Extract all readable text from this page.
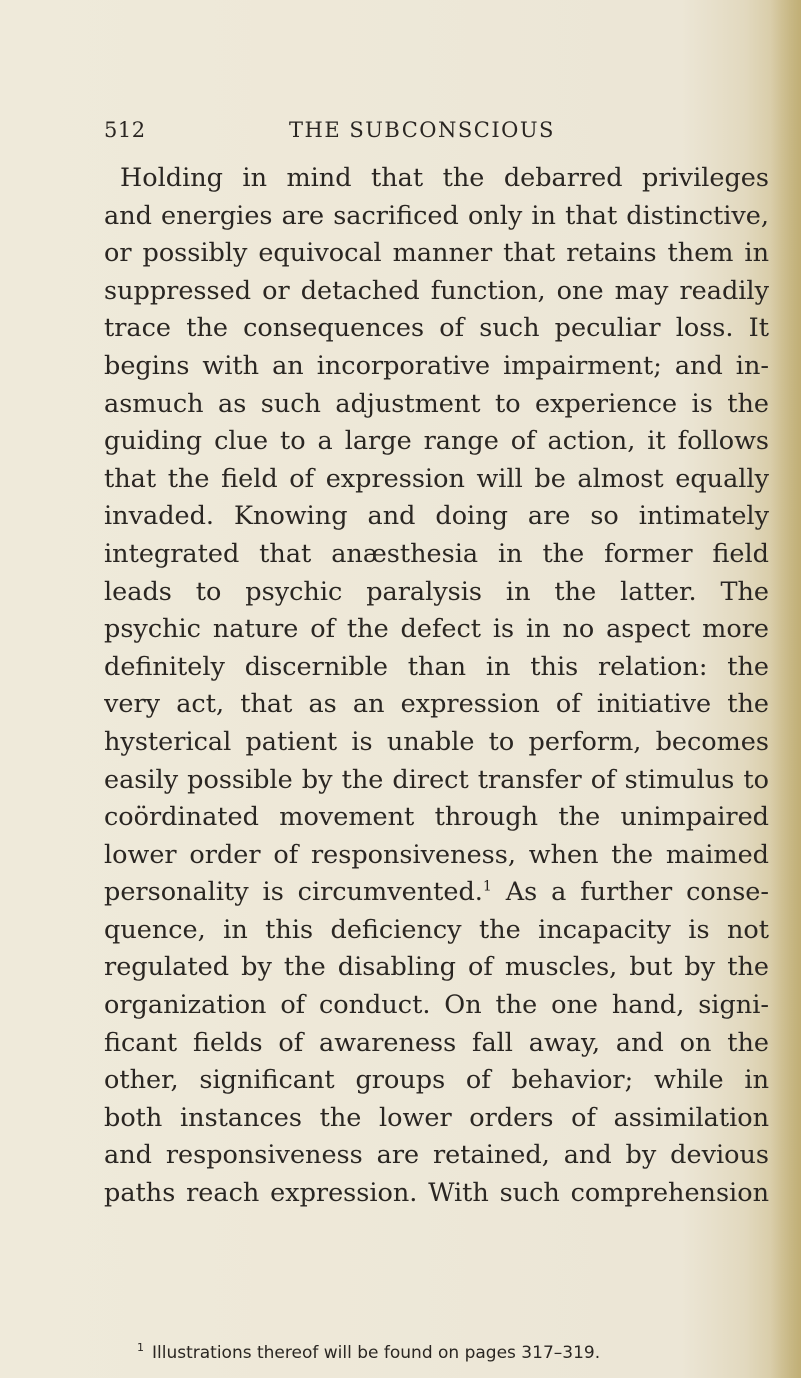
512	THE SUBCONSCIOUS
Holding in mind that the debarred privileges
and energies are sacrificed only in that distinctive,
or possibly equivocal manner that retains them in
suppressed or detached function, one may readily
trace the consequences of such peculiar loss. It
begins with an incorporative impairment; and in-
asmuch as such adjustment to experience is the
guiding clue to a large range of action, it follows
that the field of expression will be almost equally
invaded. Knowing and doing are so intimately
integrated that anæsthesia in the former field
leads to psychic paralysis in the latter. The
psychic nature of the defect is in no aspect more
definitely discernible than in this relation: the
very act, that as an expression of initiative the
hysterical patient is unable to perform, becomes
easily possible by the direct transfer of stimulus to
coördinated movement through the unimpaired
lower order of responsiveness, when the maimed
personality is circumvented.$^1$ As a further conse-
quence, in this deficiency the incapacity is not
regulated by the disabling of muscles, but by the
organization of conduct. On the one hand, signi-
ficant fields of awareness fall away, and on the
other, significant groups of behavior; while in
both instances the lower orders of assimilation
and responsiveness are retained, and by devious
paths reach expression. With such comprehension
$^1$ Illustrations thereof will be found on pages 317–319.
